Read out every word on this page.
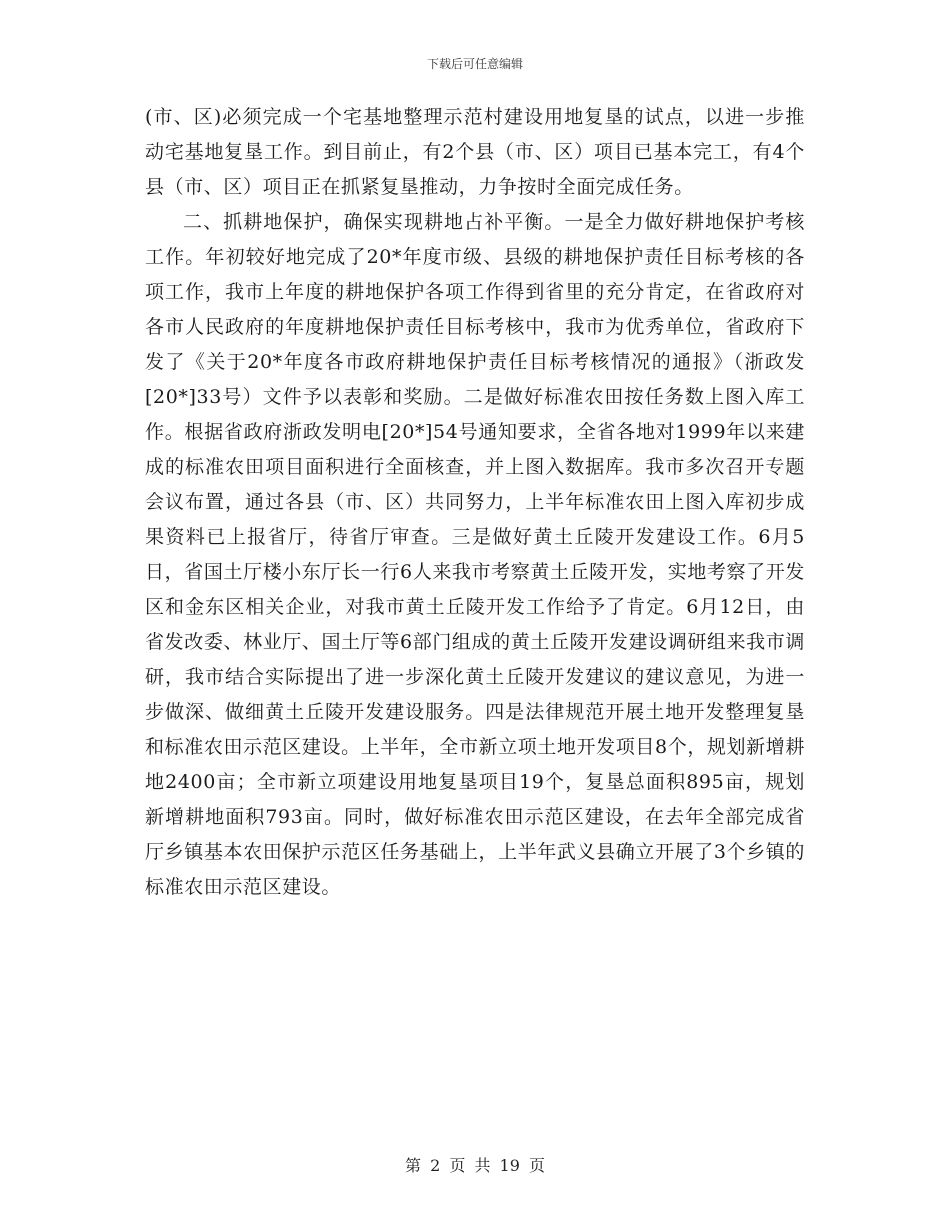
下载后可任意编辑

(市、区)必须完成一个宅基地整理示范村建设用地复垦的试点，以进一步推动宅基地复垦工作。到目前止，有2个县（市、区）项目已基本完工，有4个县（市、区）项目正在抓紧复垦推动，力争按时全面完成任务。

二、抓耕地保护，确保实现耕地占补平衡。一是全力做好耕地保护考核工作。年初较好地完成了20*年度市级、县级的耕地保护责任目标考核的各项工作，我市上年度的耕地保护各项工作得到省里的充分肯定，在省政府对各市人民政府的年度耕地保护责任目标考核中，我市为优秀单位，省政府下发了《关于20*年度各市政府耕地保护责任目标考核情况的通报》（浙政发[20*]33号）文件予以表彰和奖励。二是做好标准农田按任务数上图入库工作。根据省政府浙政发明电[20*]54号通知要求，全省各地对1999年以来建成的标准农田项目面积进行全面核查，并上图入数据库。我市多次召开专题会议布置，通过各县（市、区）共同努力，上半年标准农田上图入库初步成果资料已上报省厅，待省厅审查。三是做好黄土丘陵开发建设工作。6月5日，省国土厅楼小东厅长一行6人来我市考察黄土丘陵开发，实地考察了开发区和金东区相关企业，对我市黄土丘陵开发工作给予了肯定。6月12日，由省发改委、林业厅、国土厅等6部门组成的黄土丘陵开发建设调研组来我市调研，我市结合实际提出了进一步深化黄土丘陵开发建议的建议意见，为进一步做深、做细黄土丘陵开发建设服务。四是法律规范开展土地开发整理复垦和标准农田示范区建设。上半年，全市新立项土地开发项目8个，规划新增耕地2400亩；全市新立项建设用地复垦项目19个，复垦总面积895亩，规划新增耕地面积793亩。同时，做好标准农田示范区建设，在去年全部完成省厅乡镇基本农田保护示范区任务基础上，上半年武义县确立开展了3个乡镇的标准农田示范区建设。

第 2 页 共 19 页
